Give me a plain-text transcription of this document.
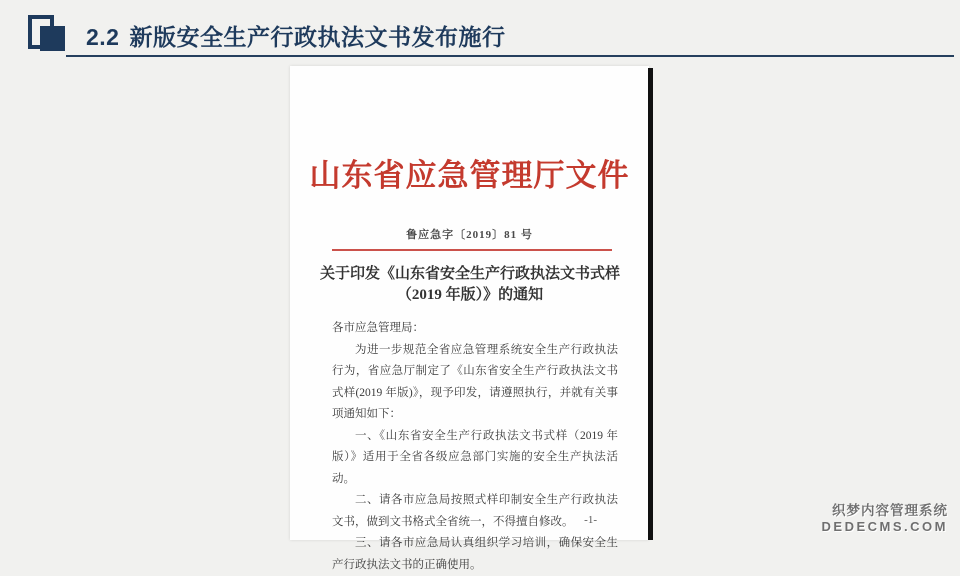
2.2 新版安全生产行政执法文书发布施行
山东省应急管理厅文件
鲁应急字〔2019〕81 号
关于印发《山东省安全生产行政执法文书式样
（2019 年版）》的通知

各市应急管理局：

为进一步规范全省应急管理系统安全生产行政执法行为，省应急厅制定了《山东省安全生产行政执法文书式样(2019 年版)》，现予印发，请遵照执行，并就有关事项通知如下：

一、《山东省安全生产行政执法文书式样（2019 年版）》适用于全省各级应急部门实施的安全生产执法活动。

二、请各市应急局按照式样印制安全生产行政执法文书，做到文书格式全省统一，不得擅自修改。

三、请各市应急局认真组织学习培训，确保安全生产行政执法文书的正确使用。

-1-
织梦内容管理系统
DEDECMS.COM
